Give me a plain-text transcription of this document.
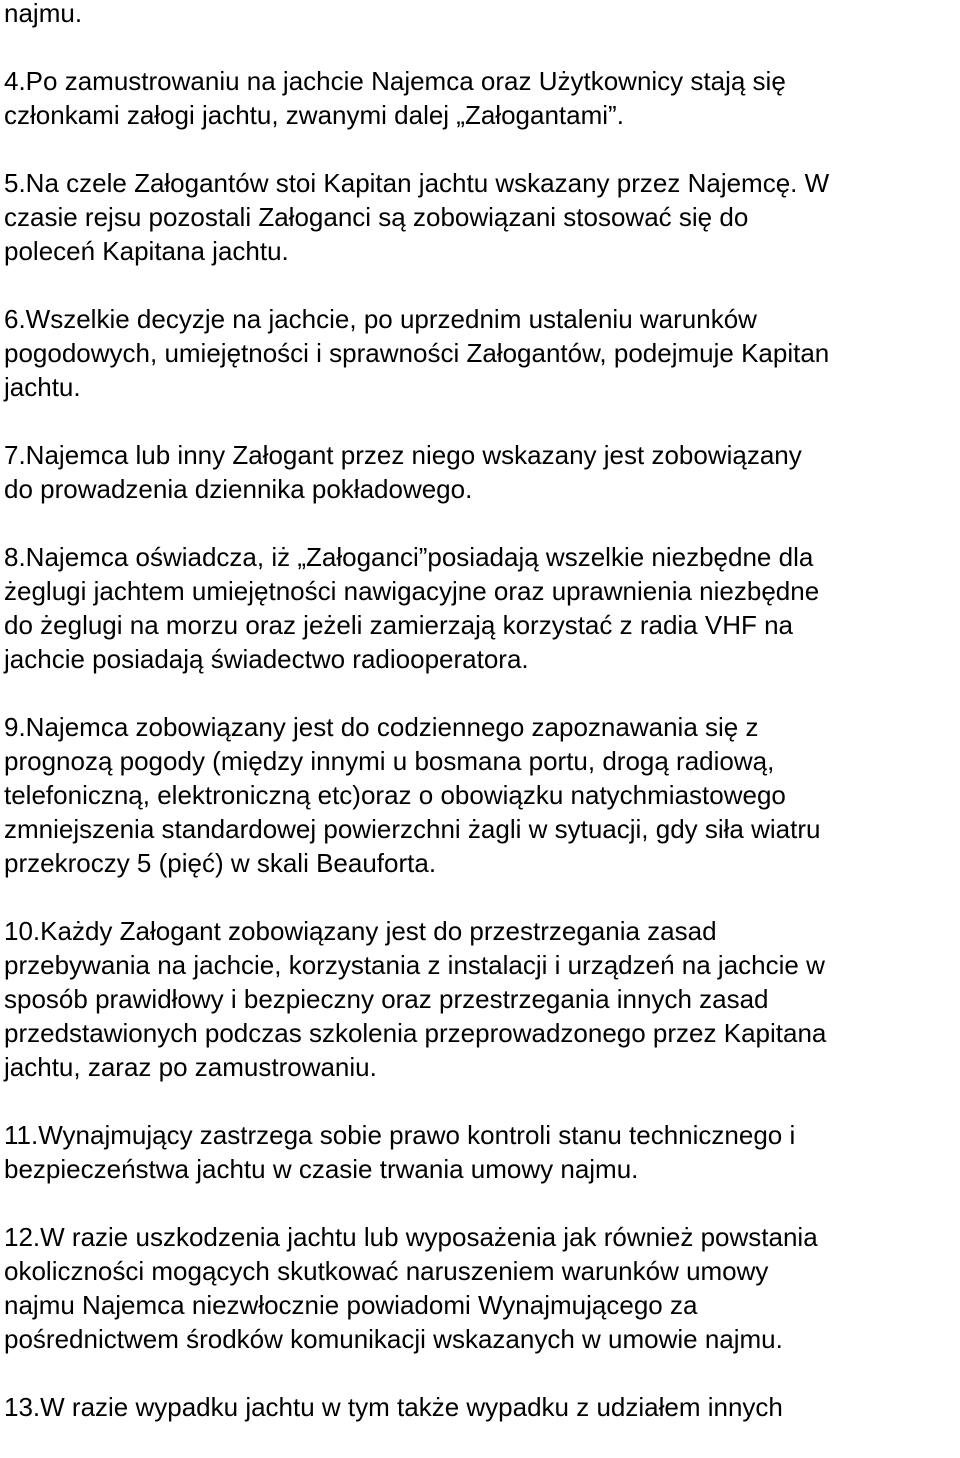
najmu.
4.Po zamustrowaniu na jachcie Najemca oraz Użytkownicy stają się
członkami załogi jachtu, zwanymi dalej „Załogantami”.
5.Na czele Załogantów stoi Kapitan jachtu wskazany przez Najemcę. W
czasie rejsu pozostali Załoganci są zobowiązani stosować się do
poleceń Kapitana jachtu.
6.Wszelkie decyzje na jachcie, po uprzednim ustaleniu warunków
pogodowych, umiejętności i sprawności Załogantów, podejmuje Kapitan
jachtu.
7.Najemca lub inny Załogant przez niego wskazany jest zobowiązany
do prowadzenia dziennika pokładowego.
8.Najemca oświadcza, iż „Załoganci”posiadają wszelkie niezbędne dla
żeglugi jachtem umiejętności nawigacyjne oraz uprawnienia niezbędne
do żeglugi na morzu oraz jeżeli zamierzają korzystać z radia VHF na
jachcie posiadają świadectwo radiooperatora.
9.Najemca zobowiązany jest do codziennego zapoznawania się z
prognozą pogody (między innymi u bosmana portu, drogą radiową,
telefoniczną, elektroniczną etc)oraz o obowiązku natychmiastowego
zmniejszenia standardowej powierzchni żagli w sytuacji, gdy siła wiatru
przekroczy 5 (pięć) w skali Beauforta.
10.Każdy Załogant zobowiązany jest do przestrzegania zasad
przebywania na jachcie, korzystania z instalacji i urządzeń na jachcie w
sposób prawidłowy i bezpieczny oraz przestrzegania innych zasad
przedstawionych podczas szkolenia przeprowadzonego przez Kapitana
jachtu, zaraz po zamustrowaniu.
11.Wynajmujący zastrzega sobie prawo kontroli stanu technicznego i
bezpieczeństwa jachtu w czasie trwania umowy najmu.
12.W razie uszkodzenia jachtu lub wyposażenia jak również powstania
okoliczności mogących skutkować naruszeniem warunków umowy
najmu Najemca niezwłocznie powiadomi Wynajmującego za
pośrednictwem środków komunikacji wskazanych w umowie najmu.
13.W razie wypadku jachtu w tym także wypadku z udziałem innych
